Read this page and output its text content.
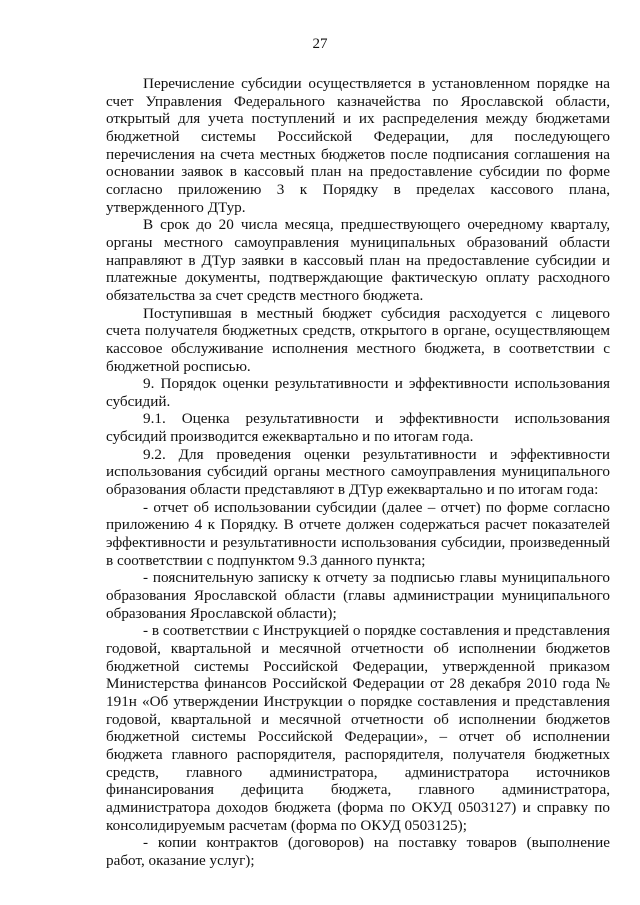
27

Перечисление субсидии осуществляется в установленном порядке на счет Управления Федерального казначейства по Ярославской области, открытый для учета поступлений и их распределения между бюджетами бюджетной системы Российской Федерации, для последующего перечисления на счета местных бюджетов после подписания соглашения на основании заявок в кассовый план на предоставление субсидии по форме согласно приложению 3 к Порядку в пределах кассового плана, утвержденного ДТур.

В срок до 20 числа месяца, предшествующего очередному кварталу, органы местного самоуправления муниципальных образований области направляют в ДТур заявки в кассовый план на предоставление субсидии и платежные документы, подтверждающие фактическую оплату расходного обязательства за счет средств местного бюджета.

Поступившая в местный бюджет субсидия расходуется с лицевого счета получателя бюджетных средств, открытого в органе, осуществляющем кассовое обслуживание исполнения местного бюджета, в соответствии с бюджетной росписью.

9. Порядок оценки результативности и эффективности использования субсидий.

9.1. Оценка результативности и эффективности использования субсидий производится ежеквартально и по итогам года.

9.2. Для проведения оценки результативности и эффективности использования субсидий органы местного самоуправления муниципального образования области представляют в ДТур ежеквартально и по итогам года:

- отчет об использовании субсидии (далее – отчет) по форме согласно приложению 4 к Порядку. В отчете должен содержаться расчет показателей эффективности и результативности использования субсидии, произведенный в соответствии с подпунктом 9.3 данного пункта;

- пояснительную записку к отчету за подписью главы муниципального образования Ярославской области (главы администрации муниципального образования Ярославской области);

- в соответствии с Инструкцией о порядке составления и представления годовой, квартальной и месячной отчетности об исполнении бюджетов бюджетной системы Российской Федерации, утвержденной приказом Министерства финансов Российской Федерации от 28 декабря 2010 года № 191н «Об утверждении Инструкции о порядке составления и представления годовой, квартальной и месячной отчетности об исполнении бюджетов бюджетной системы Российской Федерации», – отчет об исполнении бюджета главного распорядителя, распорядителя, получателя бюджетных средств, главного администратора, администратора источников финансирования дефицита бюджета, главного администратора, администратора доходов бюджета (форма по ОКУД 0503127) и справку по консолидируемым расчетам (форма по ОКУД 0503125);

- копии контрактов (договоров) на поставку товаров (выполнение работ, оказание услуг);
